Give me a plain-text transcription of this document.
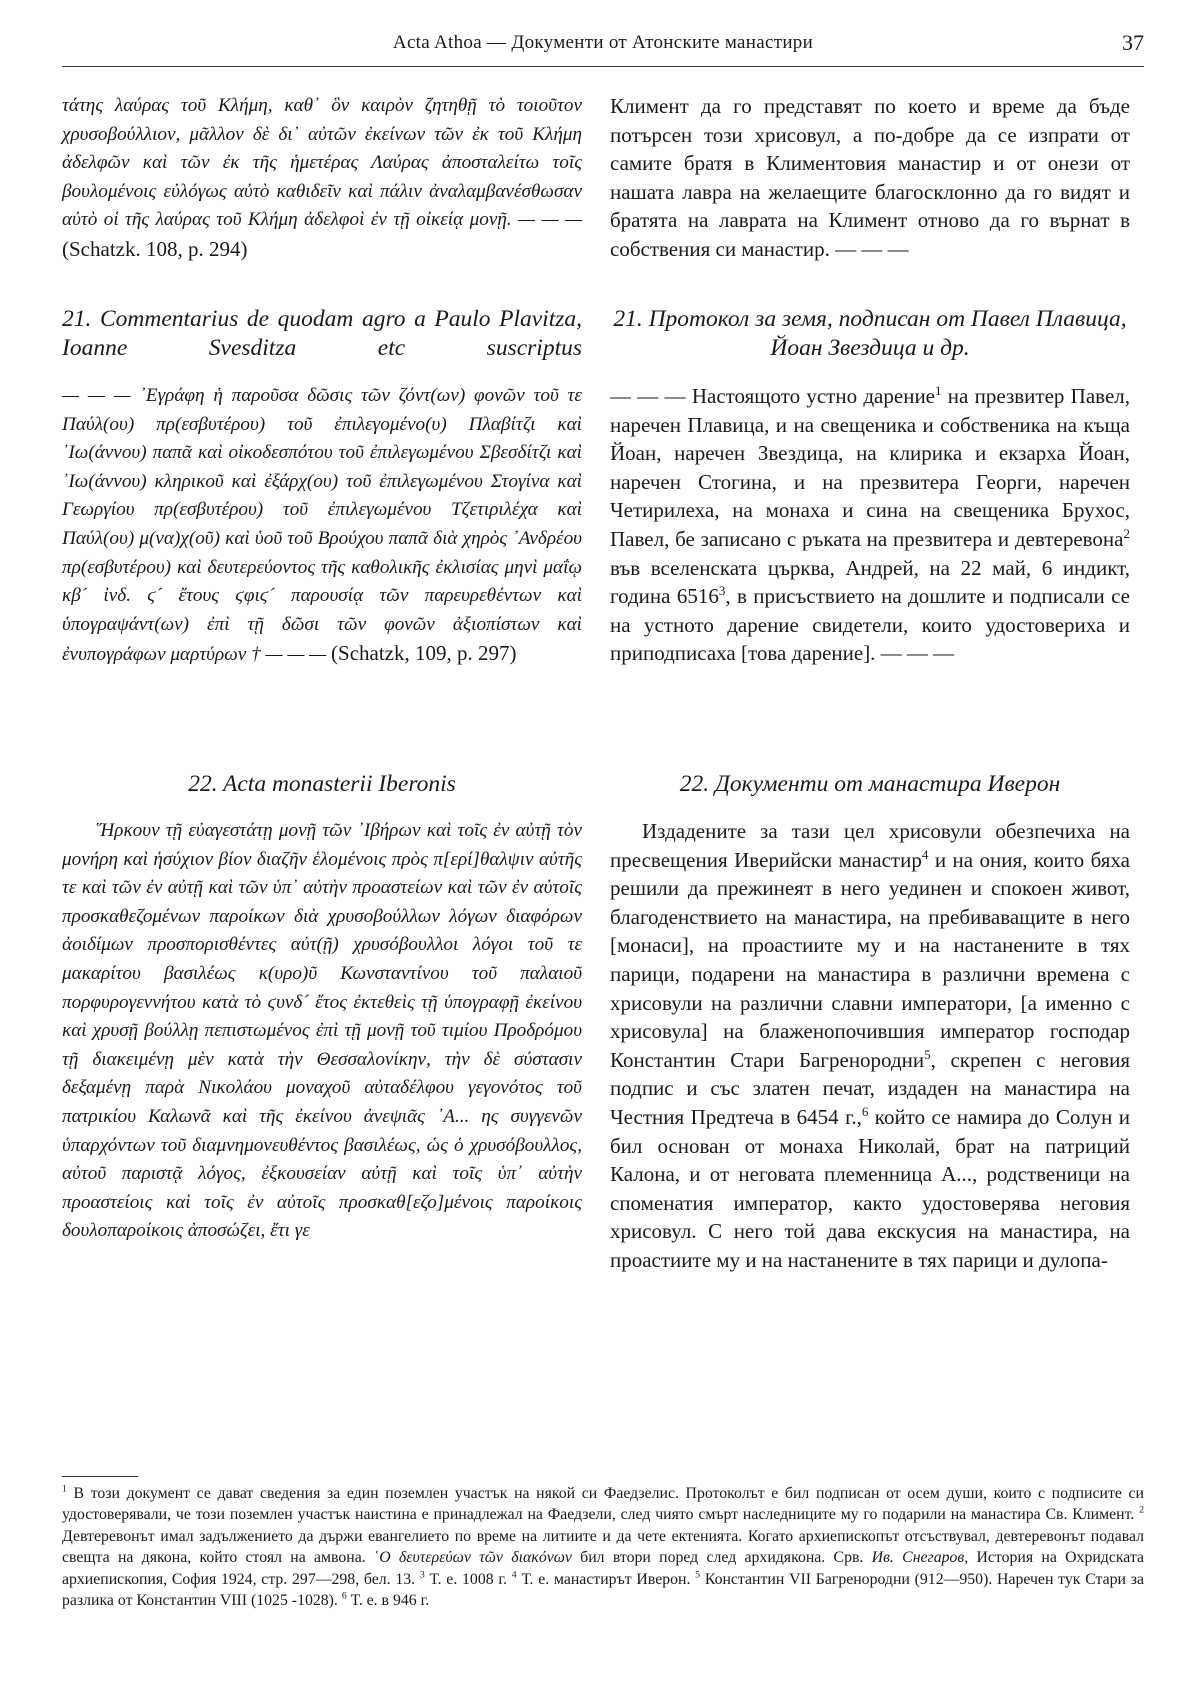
Acta Athoa — Документи от Атонските манастири	37

τάτης λαύρας τοῦ Κλήμη, καθ᾿ ὃν καιρὸν ζητηθῇ τὸ τοιοῦτον χρυσοβούλλιον, μᾶλλον δὲ δι᾿ αὐτῶν ἐκείνων τῶν ἐκ τοῦ Κλήμη ἀδελφῶν καὶ τῶν ἐκ τῆς ἡμετέρας Λαύρας ἀποσταλείτω τοῖς βουλομένοις εὐλόγως αὐτὸ καθιδεῖν καὶ πάλιν ἀναλαμβανέσθωσαν αὐτὸ οἱ τῆς λαύρας τοῦ Κλήμη ἀδελφοὶ ἐν τῇ οἰκείᾳ μονῇ. — — — (Schatzk. 108, p. 294)

Климент да го представят по което и време да бъде потърсен този хрисовул, а по-добре да се изпрати от самите братя в Климентовия манастир и от онези от нашата лавра на желаещите благосклонно да го видят и братята на лаврата на Климент отново да го върнат в собствения си манастир. — — —

21. Commentarius de quodam agro a Paulo Plavitza, Ioanne Svesditza etc suscriptus
21. Протокол за земя, подписан от Павел Плавица, Йоан Звездица и др.

— — — ᾿Εγράφη ἡ παροῦσα δῶσις τῶν ζόντ(ων) φονῶν τοῦ τε Παύλ(ου) πρ(εσβυτέρου) τοῦ ἐπιλεγομένο(υ) Πλαβίτζι καὶ ᾿Ιω(άννου) παπᾶ καὶ οἰκοδεσπότου τοῦ ἐπιλεγωμένου Σβεσδίτζι καὶ ᾿Ιω(άννου) κληρικοῦ καὶ ἐξάρχ(ου) τοῦ ἐπιλεγωμένου Στογίνα καὶ Γεωργίου πρ(εσβυτέρου) τοῦ ἐπιλεγωμένου Τζετιριλέχα καὶ Παύλ(ου) μ(να)χ(οῦ) καὶ ὑοῦ τοῦ Βρούχου παπᾶ διὰ χηρὸς ᾿Ανδρέου πρ(εσβυτέρου) καὶ δευτερεύοντος τῆς καθολικῆς ἐκλισίας μηνὶ μαΐῳ κβ´ ἰνδ. ϛ´ ἔτους ϛφιϛ´ παρουσίᾳ τῶν παρευρεθέντων καὶ ὑπογραψάντ(ων) ἐπὶ τῇ δῶσι τῶν φονῶν ἀξιοπίστων καὶ ἐνυπογράφων μαρτύρων † — — — (Schatzk, 109, p. 297)

— — — Настоящото устно дарение$^1$ на презвитер Павел, наречен Плавица, и на свещеника и собственика на къща Йоан, наречен Звездица, на клирика и екзарха Йоан, наречен Стогина, и на презвитера Георги, наречен Четирилеха, на монаха и сина на свещеника Брухос, Павел, бе записано с ръката на презвитера и девтеревона$^2$ във вселенската църква, Андрей, на 22 май, 6 индикт, година 6516$^3$, в присъствието на дошлите и подписали се на устното дарение свидетели, които удостовериха и приподписаха [това дарение]. — — —

22. Acta monasterii Iberonis	22. Документи от манастира Иверон

῞Ηρκουν τῇ εὐαγεστάτῃ μονῇ τῶν ᾿Ιβήρων καὶ τοῖς ἐν αὐτῇ τὸν μονήρη καὶ ἡσύχιον βίον διαζῆν ἑλομένοις πρὸς π[ερί]θαλψιν αὐτῆς τε καὶ τῶν ἐν αὐτῇ καὶ τῶν ὑπ᾿ αὐτὴν προαστείων καὶ τῶν ἐν αὐτοῖς προσκαθεζομένων παροίκων διὰ χρυσοβούλλων λόγων διαφόρων ἀοιδίμων προσπορισθέντες αὐτ(ῇ) χρυσόβουλλοι λόγοι τοῦ τε μακαρίτου βασιλέως κ(υρο)ῦ Κωνσταντίνου τοῦ παλαιοῦ πορφυρογεννήτου κατὰ τὸ ϛυνδ´ ἔτος ἐκτεθεὶς τῇ ὑπογραφῇ ἐκείνου καὶ χρυσῇ βούλλῃ πεπιστωμένος ἐπὶ τῇ μονῇ τοῦ τιμίου Προδρόμου τῇ διακειμένῃ μὲν κατὰ τὴν Θεσσαλονίκην, τὴν δὲ σύστασιν δεξαμένῃ παρὰ Νικολάου μοναχοῦ αὐταδέλφου γεγονότος τοῦ πατρικίου Καλωνᾶ καὶ τῆς ἐκείνου ἀνεψιᾶς ᾿Α... ης συγγενῶν ὑπαρχόντων τοῦ διαμνημονευθέντος βασιλέως, ὡς ὁ χρυσόβουλλος, αὐτοῦ παριστᾷ λόγος, ἐξκουσείαν αὐτῇ καὶ τοῖς ὑπ᾿ αὐτὴν προαστείοις καὶ τοῖς ἐν αὐτοῖς προσκαθ[εζο]μένοις παροίκοις δουλοπαροίκοις ἀποσώζει, ἔτι γε

Издадените за тази цел хрисовули обезпечиха на пресвещения Иверийски манастир$^4$ и на ония, които бяха решили да прежинеят в него уединен и спокоен живот, благоденствието на манастира, на пребиваващите в него [монаси], на проастиите му и на настанените в тях парици, подарени на манастира в различни времена с хрисовули на различни славни императори, [а именно с хрисовула] на блаженопочившия император господар Константин Стари Багренородни$^5$, скрепен с неговия подпис и със златен печат, издаден на манастира на Честния Предтеча в 6454 г.,$^6$ който се намира до Солун и бил основан от монаха Николай, брат на патриций Калона, и от неговата племенница А..., родственици на споменатия император, както удостоверява неговия хрисовул. С него той дава екскусия на манастира, на проастиите му и на настанените в тях парици и дулопа-

$^1$ В този документ се дават сведения за един поземлен участък на някой си Фаедзелис. Протоколът е бил подписан от осем души, които с подписите си удостоверявали, че този поземлен участък наистина е принадлежал на Фаедзели, след чиято смърт наследниците му го подарили на манастира Св. Климент. $^2$ Девтеревонът имал задължението да държи евангелието по време на литиите и да чете ектенията. Когато архиепископът отсъствувал, девтеревонът подавал свещта на дякона, който стоял на амвона. ῾Ο δευτερεύων τῶν διακόνων бил втори поред след архидякона. Срв. Ив. Снегаров, История на Охридската архиепископия, София 1924, стр. 297—298, бел. 13. $^3$ Т. е. 1008 г. $^4$ Т. е. манастирът Иверон. $^5$ Константин VII Багренородни (912—950). Наречен тук Стари за разлика от Константин VIII (1025 -1028). $^6$ Т. е. в 946 г.
